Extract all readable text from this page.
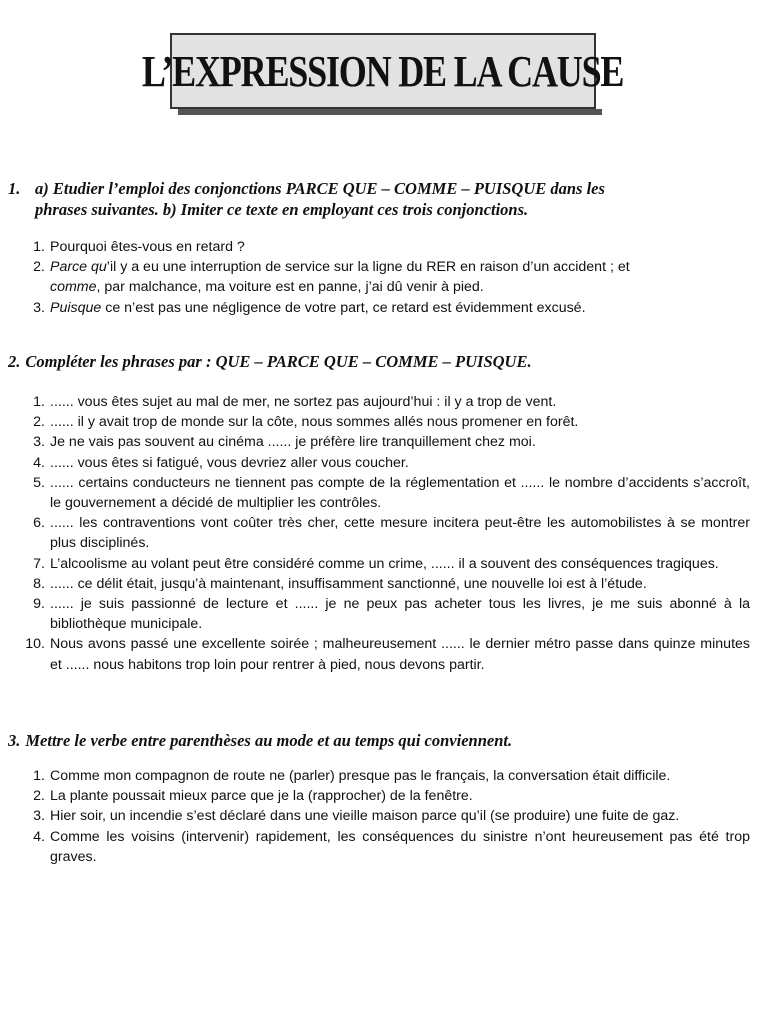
L’EXPRESSION DE LA CAUSE
1. a) Etudier l’emploi des conjonctions PARCE QUE – COMME – PUISQUE dans les
phrases suivantes. b) Imiter ce texte en employant ces trois conjonctions.
1. Pourquoi êtes-vous en retard ?
2. Parce qu’il y a eu une interruption de service sur la ligne du RER en raison d’un accident ; et
comme, par malchance, ma voiture est en panne, j’ai dû venir à pied.
3. Puisque ce n’est pas une négligence de votre part, ce retard est évidemment excusé.
2. Compléter les phrases par : QUE – PARCE QUE – COMME – PUISQUE.
1. ...... vous êtes sujet au mal de mer, ne sortez pas aujourd’hui : il y a trop de vent.
2. ...... il y avait trop de monde sur la côte, nous sommes allés nous promener en forêt.
3. Je ne vais pas souvent au cinéma ...... je préfère lire tranquillement chez moi.
4. ...... vous êtes si fatigué, vous devriez aller vous coucher.
5. ...... certains conducteurs ne tiennent pas compte de la réglementation et ...... le nombre d’accidents s’accroît, le gouvernement a décidé de multiplier les contrôles.
6. ...... les contraventions vont coûter très cher, cette mesure incitera peut-être les automobilistes à se montrer plus disciplinés.
7. L’alcoolisme au volant peut être considéré comme un crime, ...... il a souvent des conséquences tragiques.
8. ...... ce délit était, jusqu’à maintenant, insuffisamment sanctionné, une nouvelle loi est à l’étude.
9. ...... je suis passionné de lecture et ...... je ne peux pas acheter tous les livres, je me suis abonné à la bibliothèque municipale.
10. Nous avons passé une excellente soirée ; malheureusement ...... le dernier métro passe dans quinze minutes et ...... nous habitons trop loin pour rentrer à pied, nous devons partir.
3. Mettre le verbe entre parenthèses au mode et au temps qui conviennent.
1. Comme mon compagnon de route ne (parler) presque pas le français, la conversation était difficile.
2. La plante poussait mieux parce que je la (rapprocher) de la fenêtre.
3. Hier soir, un incendie s’est déclaré dans une vieille maison parce qu’il (se produire) une fuite de gaz.
4. Comme les voisins (intervenir) rapidement, les conséquences du sinistre n’ont heureusement pas été trop graves.
